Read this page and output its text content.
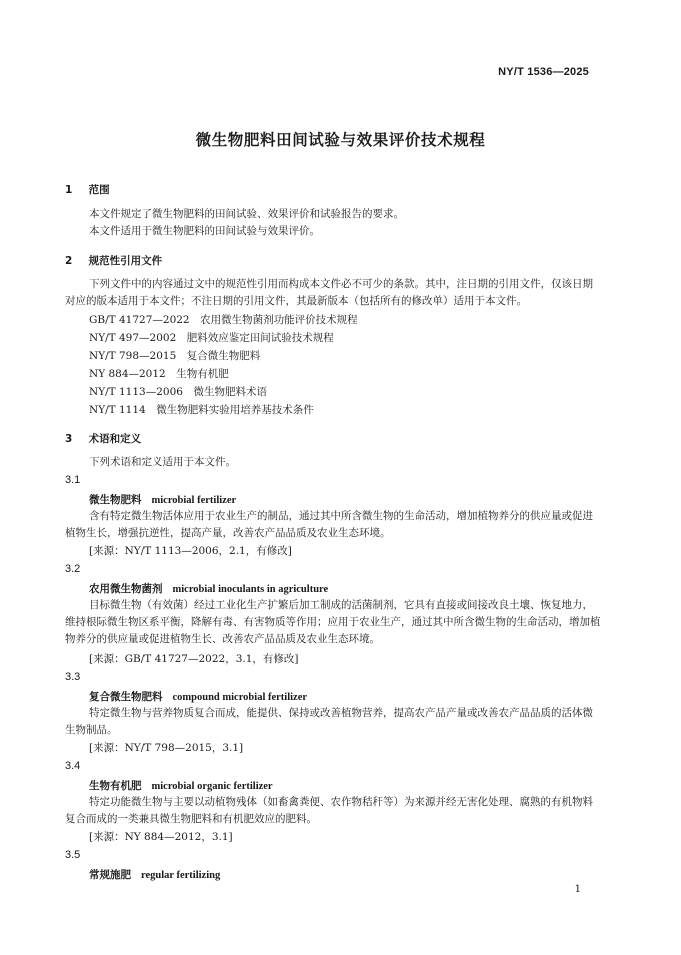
NY/T 1536—2025
微生物肥料田间试验与效果评价技术规程
1 范围
本文件规定了微生物肥料的田间试验、效果评价和试验报告的要求。
本文件适用于微生物肥料的田间试验与效果评价。
2 规范性引用文件
下列文件中的内容通过文中的规范性引用而构成本文件必不可少的条款。其中，注日期的引用文件，仅该日期对应的版本适用于本文件；不注日期的引用文件，其最新版本（包括所有的修改单）适用于本文件。
GB/T 41727—2022　农用微生物菌剂功能评价技术规程
NY/T 497—2002　肥料效应鉴定田间试验技术规程
NY/T 798—2015　复合微生物肥料
NY 884—2012　生物有机肥
NY/T 1113—2006　微生物肥料术语
NY/T 1114　微生物肥料实验用培养基技术条件
3 术语和定义
下列术语和定义适用于本文件。
3.1
微生物肥料 microbial fertilizer
含有特定微生物活体应用于农业生产的制品，通过其中所含微生物的生命活动，增加植物养分的供应量或促进植物生长，增强抗逆性，提高产量，改善农产品品质及农业生态环境。
[来源：NY/T 1113—2006，2.1，有修改]
3.2
农用微生物菌剂 microbial inoculants in agriculture
目标微生物（有效菌）经过工业化生产扩繁后加工制成的活菌制剂，它具有直接或间接改良土壤、恢复地力，维持根际微生物区系平衡，降解有毒、有害物质等作用；应用于农业生产，通过其中所含微生物的生命活动，增加植物养分的供应量或促进植物生长、改善农产品品质及农业生态环境。
[来源：GB/T 41727—2022，3.1，有修改]
3.3
复合微生物肥料 compound microbial fertilizer
特定微生物与营养物质复合而成，能提供、保持或改善植物营养，提高农产品产量或改善农产品品质的活体微生物制品。
[来源：NY/T 798—2015，3.1]
3.4
生物有机肥 microbial organic fertilizer
特定功能微生物与主要以动植物残体（如畜禽粪便、农作物秸秆等）为来源并经无害化处理、腐熟的有机物料复合而成的一类兼具微生物肥料和有机肥效应的肥料。
[来源：NY 884—2012，3.1]
3.5
常规施肥 regular fertilizing
1
